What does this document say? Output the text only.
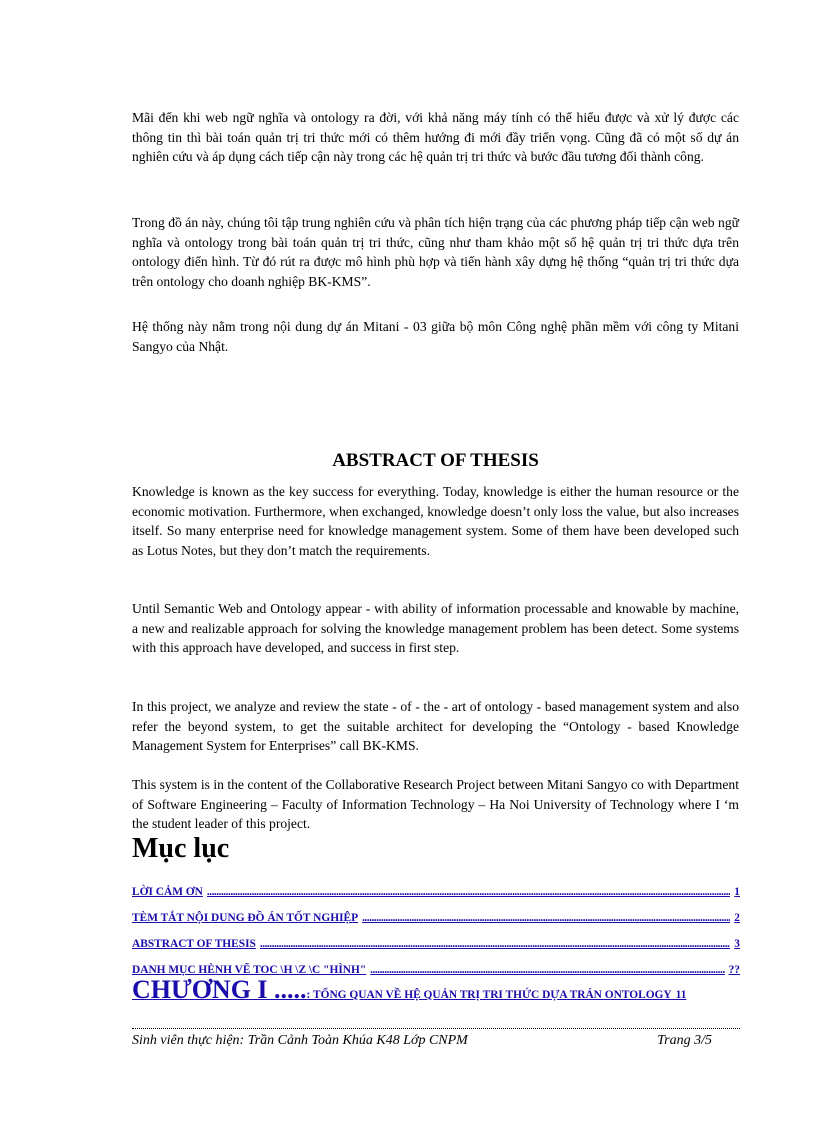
Mãi đến khi web ngữ nghĩa và ontology ra đời, với khả năng máy tính có thể hiểu được và xử lý được các thông tin thì bài toán quản trị tri thức mới có thêm hướng đi mới đầy triển vọng. Cũng đã có một số dự án nghiên cứu và áp dụng cách tiếp cận này trong các hệ quản trị tri thức và bước đầu tương đối thành công.

Trong đồ án này, chúng tôi tập trung nghiên cứu và phân tích hiện trạng của các phương pháp tiếp cận web ngữ nghĩa và ontology trong bài toán quản trị tri thức, cũng như tham khảo một số hệ quản trị tri thức dựa trên ontology điển hình. Từ đó rút ra được mô hình phù hợp và tiến hành xây dựng hệ thống “quản trị tri thức dựa trên ontology cho doanh nghiệp BK-KMS”.

Hệ thống này nằm trong nội dung dự án Mitani - 03 giữa bộ môn Công nghệ phần mềm với công ty Mitani Sangyo của Nhật.

ABSTRACT OF THESIS

Knowledge is known as the key success for everything. Today, knowledge is either the human resource or the economic motivation. Furthermore, when exchanged, knowledge doesn’t only loss the value, but also increases itself. So many enterprise need for knowledge management system. Some of them have been developed such as Lotus Notes, but they don’t match the requirements.

Until Semantic Web and Ontology appear - with ability of information processable and knowable by machine, a new and realizable approach for solving the knowledge management problem has been detect. Some systems with this approach have developed, and success in first step.

In this project, we analyze and review the state - of - the - art of ontology - based management system and also refer the beyond system, to get the suitable architect for developing the “Ontology - based Knowledge Management System for Enterprises” call BK-KMS.

This system is in the content of the Collaborative Research Project between Mitani Sangyo co with Department of Software Engineering – Faculty of Information Technology – Ha Noi University of Technology where I ‘m the student leader of this project.

Mục lục
LỜI CẢM ƠN .....	1
TÈM TẮT NỘI DUNG ĐỒ ÁN TỐT NGHIỆP .....	2
ABSTRACT OF THESIS .....	3
DANH MỤC HÈNH VẼ TOC \H \Z \C "HÌNH" .....	??
CHƯƠNG I .....: TỔNG QUAN VỀ HỆ QUẢN TRỊ TRI THỨC DỰA TRÁN ONTOLOGY 11
Sinh viên thực hiện: Trần Cảnh Toàn Khúa K48 Lớp CNPM	Trang 3/5
